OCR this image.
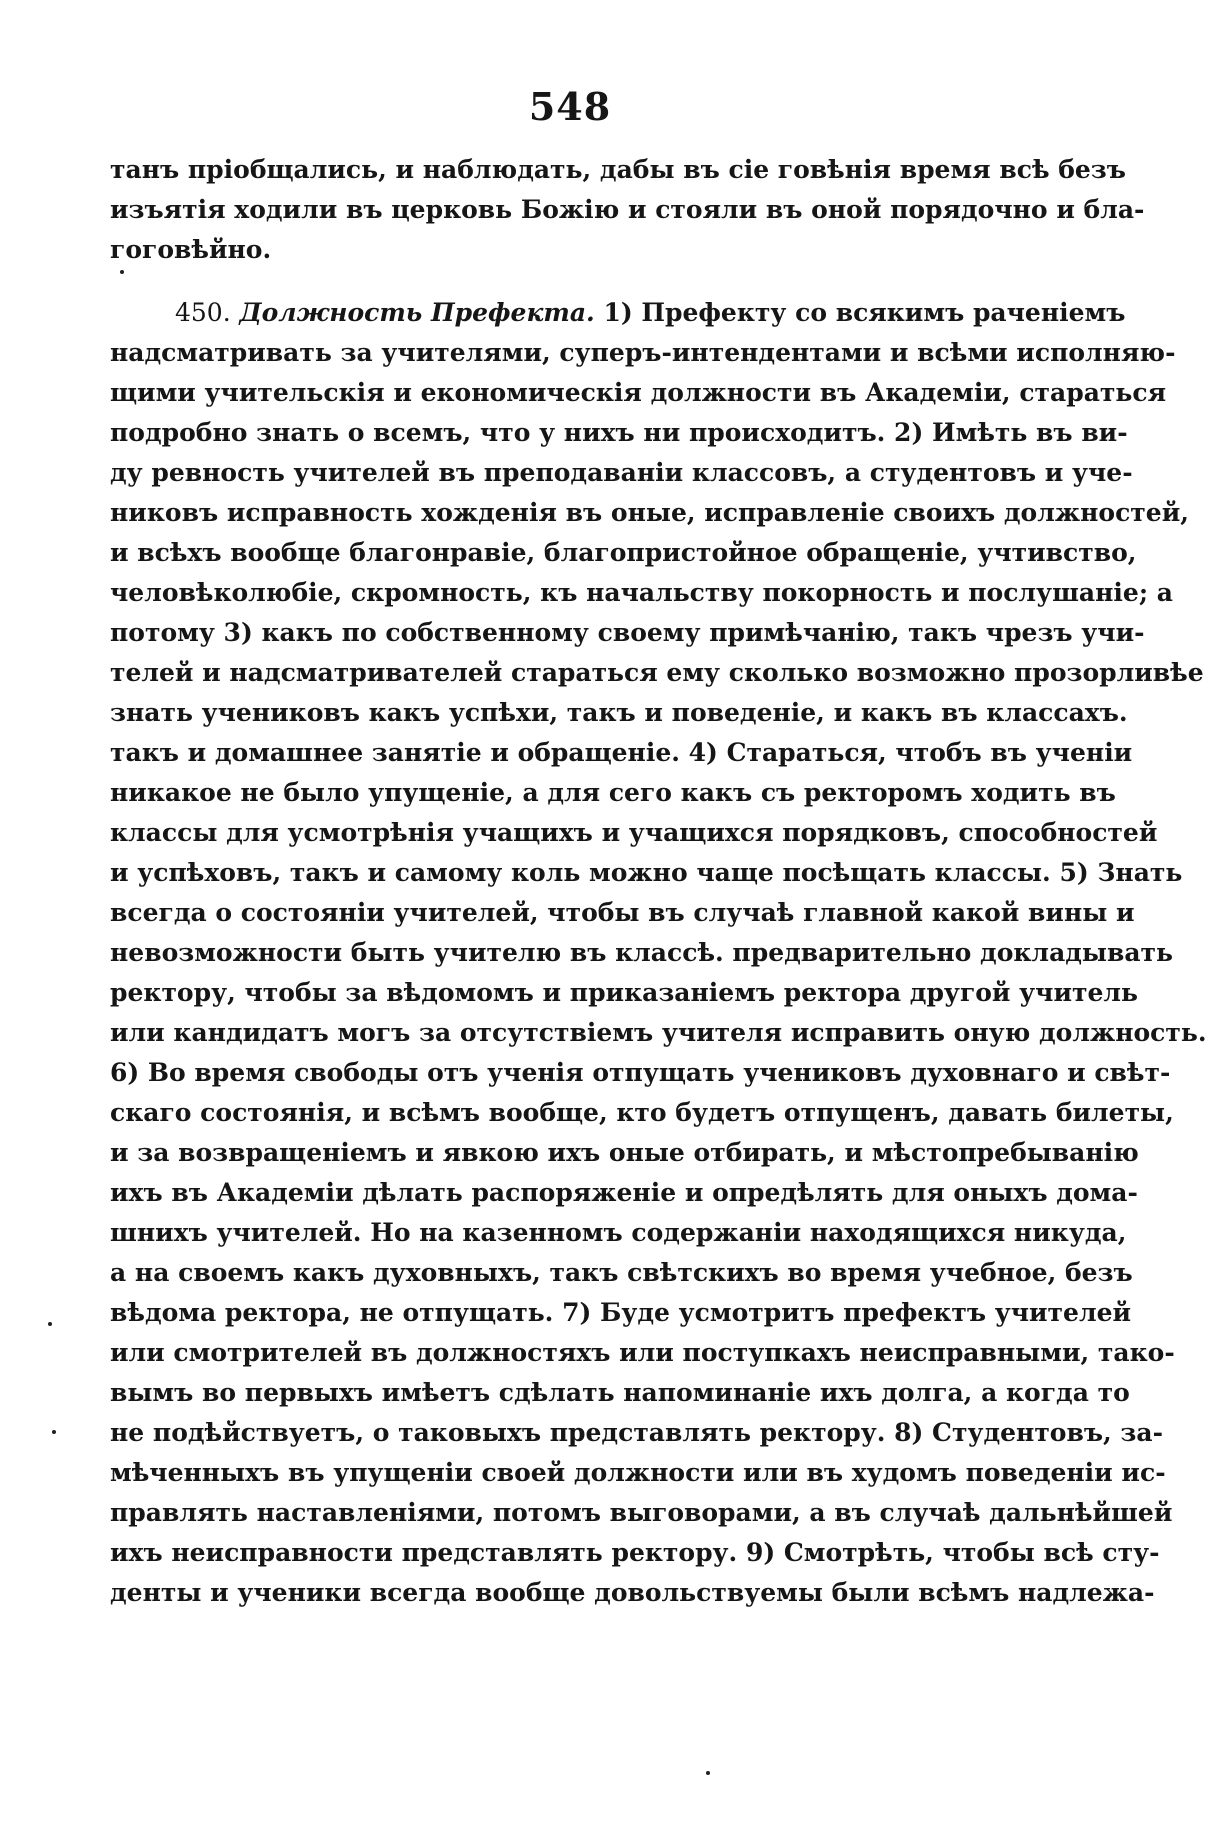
548
танъ пріобщались, и наблюдать, дабы въ сіе говѣнія время всѣ безъ
изъятія ходили въ церковь Божію и стояли въ оной порядочно и бла-
гоговѣйно.
450. Должность Префекта. 1) Префекту со всякимъ раченіемъ
надсматривать за учителями, суперъ-интендентами и всѣми исполняю-
щими учительскія и економическія должности въ Академіи, стараться
подробно знать о всемъ, что у нихъ ни происходитъ. 2) Имѣть въ ви-
ду ревность учителей въ преподаваніи классовъ, а студентовъ и уче-
никовъ исправность хожденія въ оные, исправленіе своихъ должностей,
и всѣхъ вообще благонравіе, благопристойное обращеніе, учтивство,
человѣколюбіе, скромность, къ начальству покорность и послушаніе; а
потому 3) какъ по собственному своему примѣчанію, такъ чрезъ учи-
телей и надсматривателей стараться ему сколько возможно прозорливѣе
знать учениковъ какъ успѣхи, такъ и поведеніе, и какъ въ классахъ.
такъ и домашнее занятіе и обращеніе. 4) Стараться, чтобъ въ ученіи
никакое не было упущеніе, а для сего какъ съ ректоромъ ходить въ
классы для усмотрѣнія учащихъ и учащихся порядковъ, способностей
и успѣховъ, такъ и самому коль можно чаще посѣщать классы. 5) Знать
всегда о состояніи учителей, чтобы въ случаѣ главной какой вины и
невозможности быть учителю въ классѣ. предварительно докладывать
ректору, чтобы за вѣдомомъ и приказаніемъ ректора другой учитель
или кандидатъ могъ за отсутствіемъ учителя исправить оную должность.
6) Во время свободы отъ ученія отпущать учениковъ духовнаго и свѣт-
скаго состоянія, и всѣмъ вообще, кто будетъ отпущенъ, давать билеты,
и за возвращеніемъ и явкою ихъ оные отбирать, и мѣстопребыванію
ихъ въ Академіи дѣлать распоряженіе и опредѣлять для оныхъ дома-
шнихъ учителей. Но на казенномъ содержаніи находящихся никуда,
а на своемъ какъ духовныхъ, такъ свѣтскихъ во время учебное, безъ
вѣдома ректора, не отпущать. 7) Буде усмотритъ префектъ учителей
или смотрителей въ должностяхъ или поступкахъ неисправными, тако-
вымъ во первыхъ имѣетъ сдѣлать напоминаніе ихъ долга, а когда то
не подѣйствуетъ, о таковыхъ представлять ректору. 8) Студентовъ, за-
мѣченныхъ въ упущеніи своей должности или въ худомъ поведеніи ис-
правлять наставленіями, потомъ выговорами, а въ случаѣ дальнѣйшей
ихъ неисправности представлять ректору. 9) Смотрѣть, чтобы всѣ сту-
денты и ученики всегда вообще довольствуемы были всѣмъ надлежа-
